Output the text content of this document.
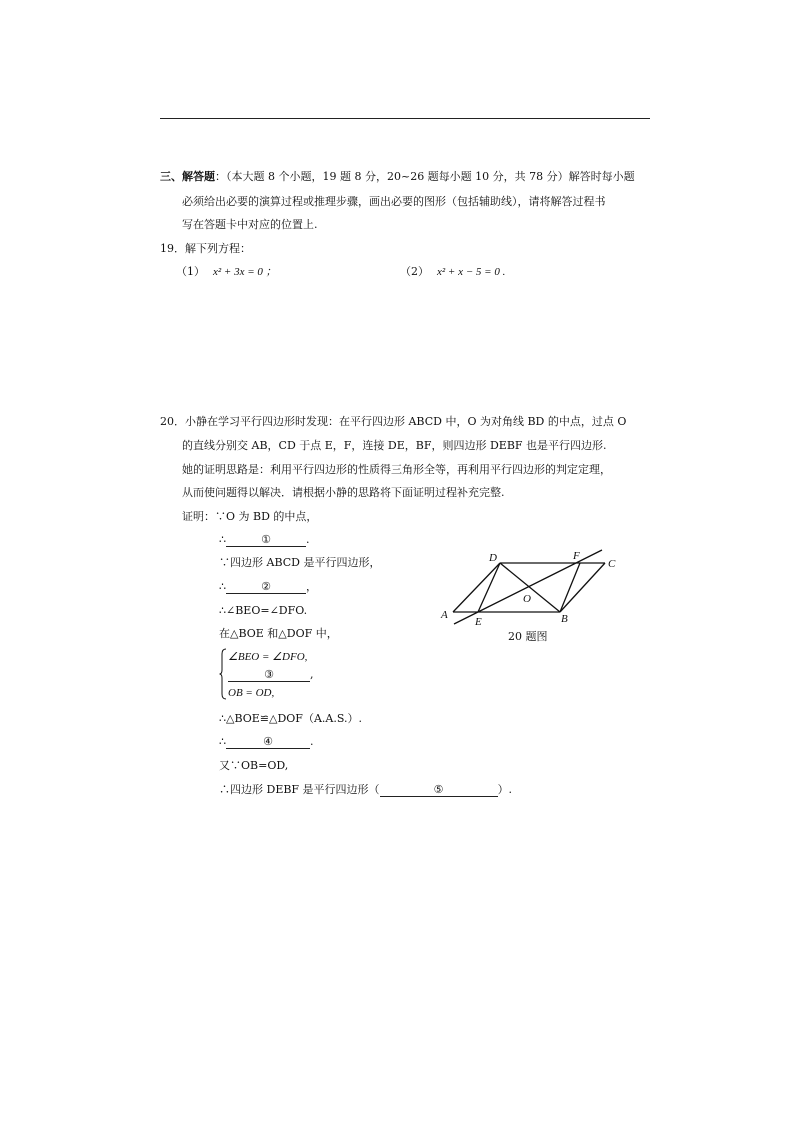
三、解答题：（本大题 8 个小题，19 题 8 分，20~26 题每小题 10 分，共 78 分）解答时每小题
必须给出必要的演算过程或推理步骤，画出必要的图形（包括辅助线），请将解答过程书
写在答题卡中对应的位置上.
19．解下列方程：
（1） x² + 3x = 0 ；	（2） x² + x − 5 = 0 .
20．小静在学习平行四边形时发现：在平行四边形 ABCD 中，O 为对角线 BD 的中点，过点 O
的直线分别交 AB，CD 于点 E，F，连接 DE，BF，则四边形 DEBF 也是平行四边形.
她的证明思路是：利用平行四边形的性质得三角形全等，再利用平行四边形的判定定理，
从而使问题得以解决．请根据小静的思路将下面证明过程补充完整.
证明：∵O 为 BD 的中点，
∴	①	.
∵四边形 ABCD 是平行四边形，
∴	②	，
∴∠BEO=∠DFO.
在△BOE 和△DOF 中，
∠BEO = ∠DFO,
③	,
OB = OD,
∴△BOE≌△DOF（A.A.S.）.
∴	④	.
又∵OB=OD,
∴四边形 DEBF 是平行四边形（	⑤	）.
A	B
C
D
E
F
O
20 题图
